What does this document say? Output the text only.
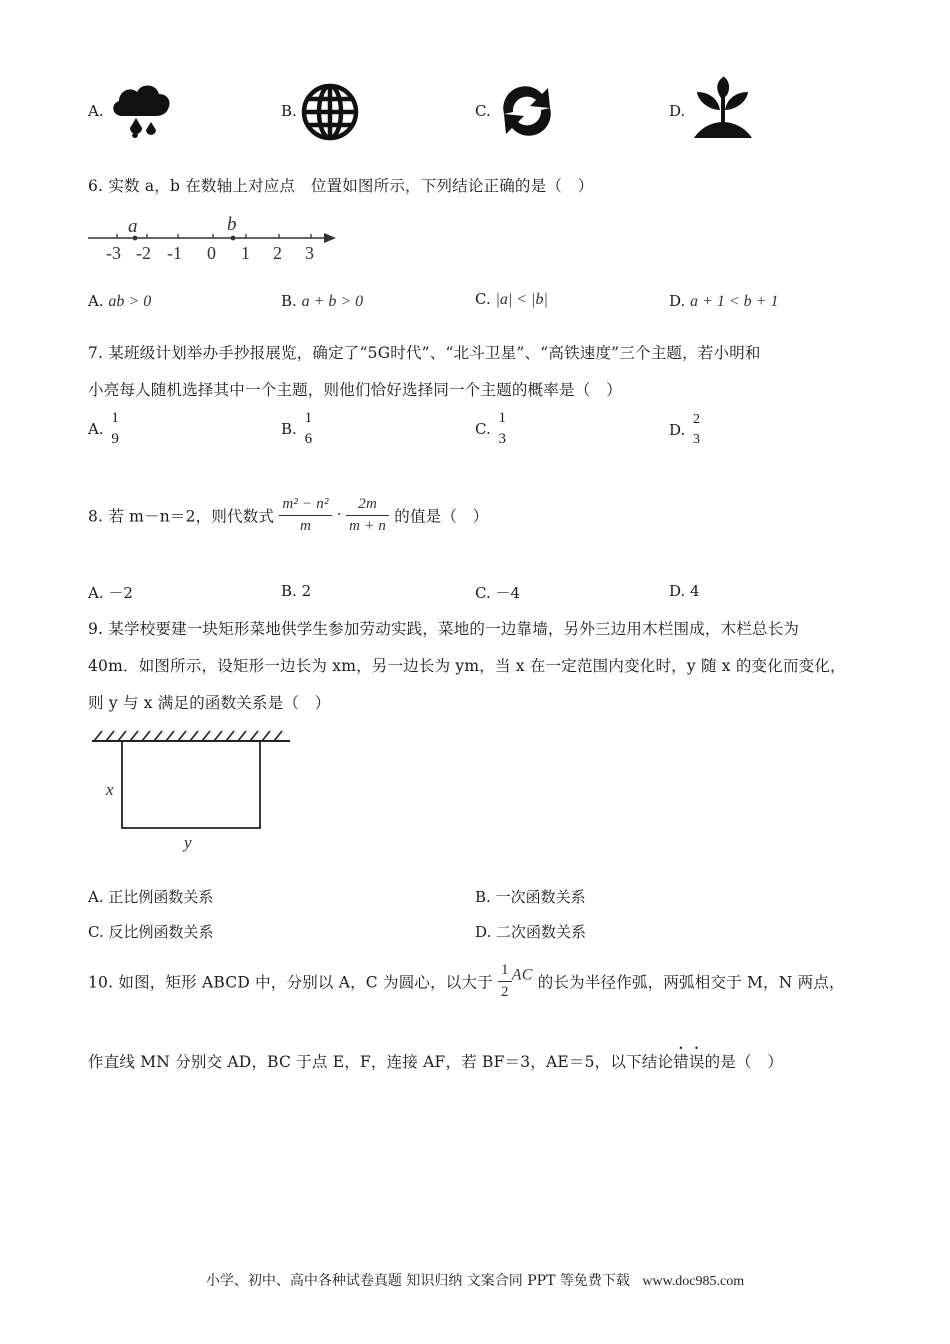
A.	B.	C.	D.
6. 实数 a，b 在数轴上对应点　位置如图所示，下列结论正确的是（　）
a	b
-3 -2 -1 0 1 2 3
A. ab > 0	B. a + b > 0	C. |a| < |b|	D. a + 1 < b + 1
7. 某班级计划举办手抄报展览，确定了“5G时代”、“北斗卫星”、“高铁速度”三个主题，若小明和
小亮每人随机选择其中一个主题，则他们恰好选择同一个主题的概率是（　）
A.
1
9
B.
1
6
C.
1
3	D.
2
3
8. 若 m－n＝2，则代数式 $\frac{\text{m² − n²}}{m} \cdot \frac{2m}{m + n}$ 的值是（　）
A. －2	B. 2	C. －4	D. 4
9. 某学校要建一块矩形菜地供学生参加劳动实践，菜地的一边靠墙，另外三边用木栏围成，木栏总长为
40m．如图所示，设矩形一边长为 xm，另一边长为 ym，当 x 在一定范围内变化时，y 随 x 的变化而变化，
则 y 与 x 满足的函数关系是（　）
x
y
A. 正比例函数关系	B. 一次函数关系
C. 反比例函数关系	D. 二次函数关系
10. 如图，矩形 ABCD 中，分别以 A，C 为圆心，以大于 $\frac{1}{2}$ AC 的长为半径作弧，两弧相交于 M，N 两点，
作直线 MN 分别交 AD，BC 于点 E，F，连接 AF，若 BF＝3，AE＝5，以下结论错误的是（　）
小学、初中、高中各种试卷真题 知识归纳 文案合同 PPT 等免费下载 www.doc985.com
